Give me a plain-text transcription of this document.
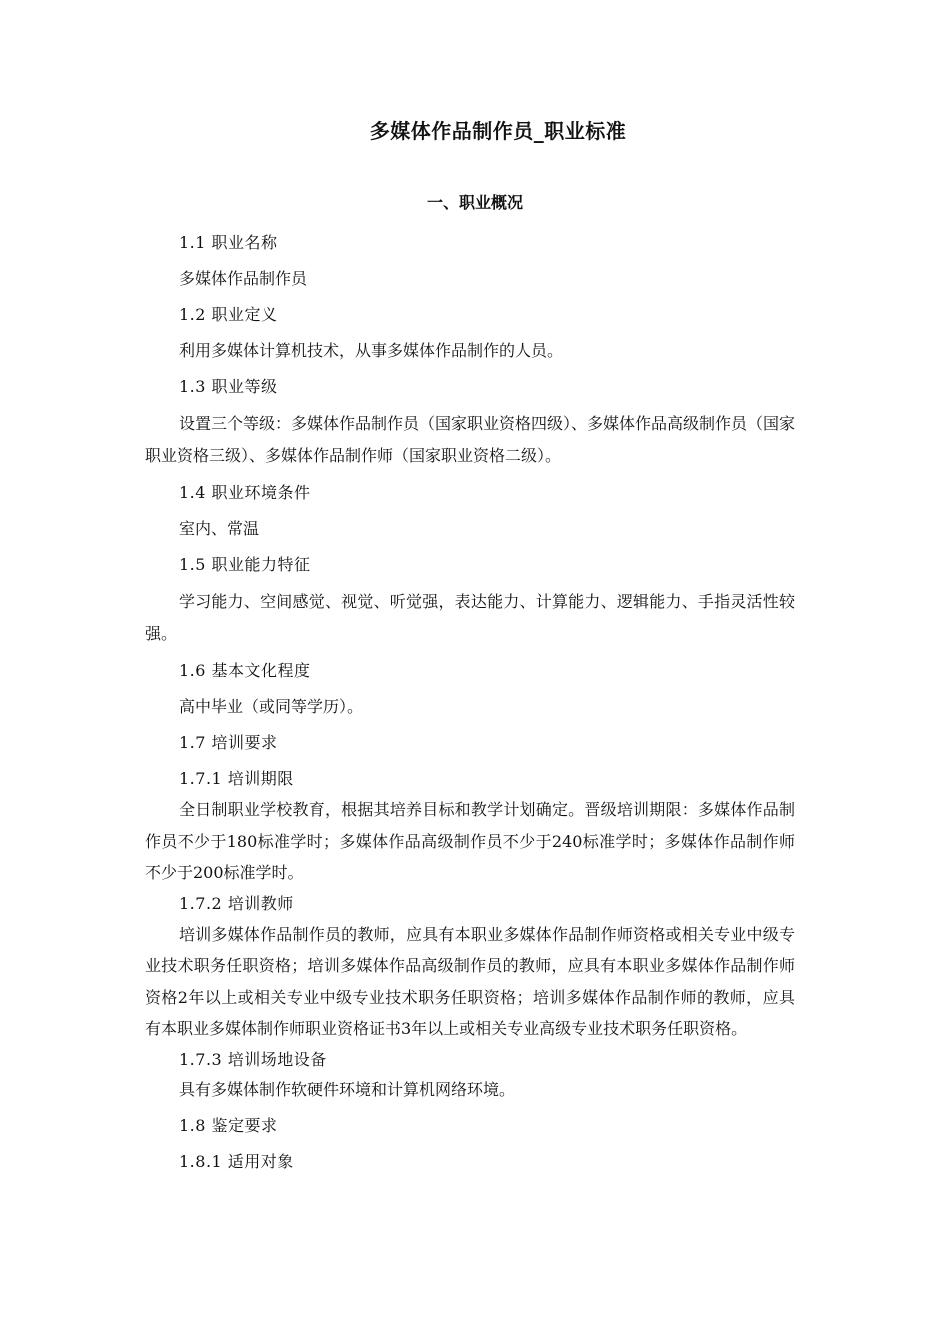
多媒体作品制作员_职业标准
一、职业概况

1.1 职业名称

多媒体作品制作员

1.2 职业定义

利用多媒体计算机技术，从事多媒体作品制作的人员。

1.3 职业等级

设置三个等级：多媒体作品制作员（国家职业资格四级）、多媒体作品高级制作员（国家职业资格三级）、多媒体作品制作师（国家职业资格二级）。

1.4 职业环境条件

室内、常温

1.5 职业能力特征

学习能力、空间感觉、视觉、听觉强，表达能力、计算能力、逻辑能力、手指灵活性较强。

1.6 基本文化程度

高中毕业（或同等学历）。

1.7 培训要求

1.7.1 培训期限

全日制职业学校教育，根据其培养目标和教学计划确定。晋级培训期限：多媒体作品制作员不少于180标准学时；多媒体作品高级制作员不少于240标准学时；多媒体作品制作师不少于200标准学时。

1.7.2 培训教师

培训多媒体作品制作员的教师，应具有本职业多媒体作品制作师资格或相关专业中级专业技术职务任职资格；培训多媒体作品高级制作员的教师，应具有本职业多媒体作品制作师资格2年以上或相关专业中级专业技术职务任职资格；培训多媒体作品制作师的教师，应具有本职业多媒体制作师职业资格证书3年以上或相关专业高级专业技术职务任职资格。

1.7.3 培训场地设备

具有多媒体制作软硬件环境和计算机网络环境。

1.8 鉴定要求

1.8.1 适用对象
